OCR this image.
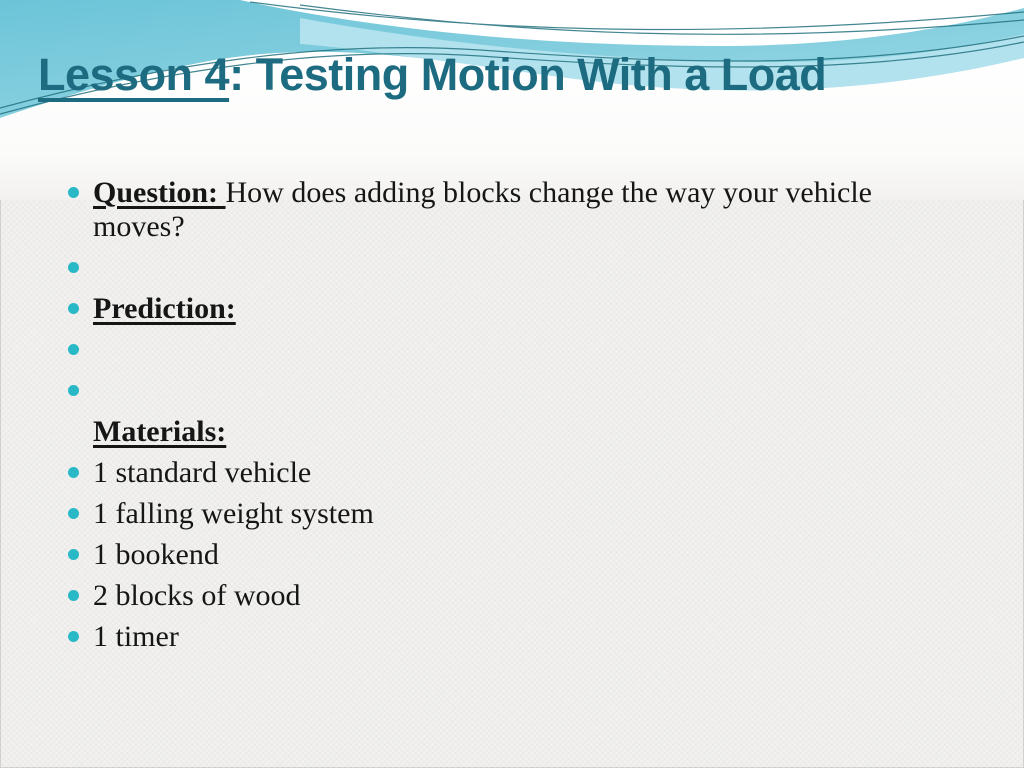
Lesson 4: Testing Motion With a Load
Question: How does adding blocks change the way your vehicle moves?
Prediction:
Materials:
1 standard vehicle
1 falling weight system
1 bookend
2 blocks of wood
1 timer
